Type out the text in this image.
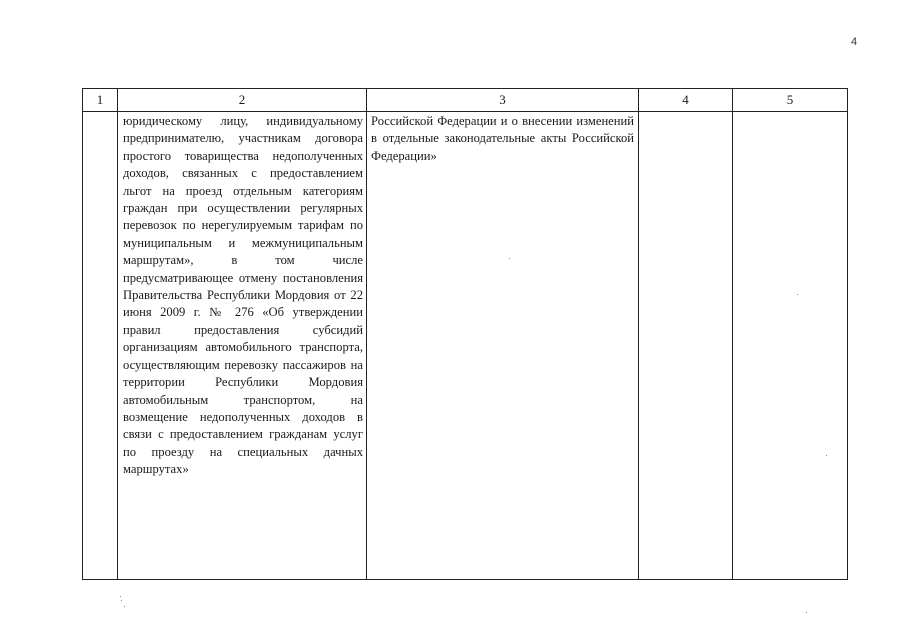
4
1	2	3	4	5

	юридическому лицу, индивидуальному предпринимателю, участникам договора простого товарищества недополученных доходов, связанных с предоставлением льгот на проезд отдельным категориям граждан при осуществлении регулярных перевозок по нерегулируемым тарифам по муниципальным и межмуниципальным маршрутам», в том числе предусматривающее отмену постановления Правительства Республики Мордовия от 22 июня 2009 г. № 276 «Об утверждении правил предоставления субсидий организациям автомобильного транспорта, осуществляющим перевозку пассажиров на территории Республики Мордовия автомобильным транспортом, на возмещение недополученных доходов в связи с предоставлением гражданам услуг по проезду на специальных дачных маршрутах»	Российской Федерации и о внесении изменений в отдельные законодательные акты Российской Федерации»		
